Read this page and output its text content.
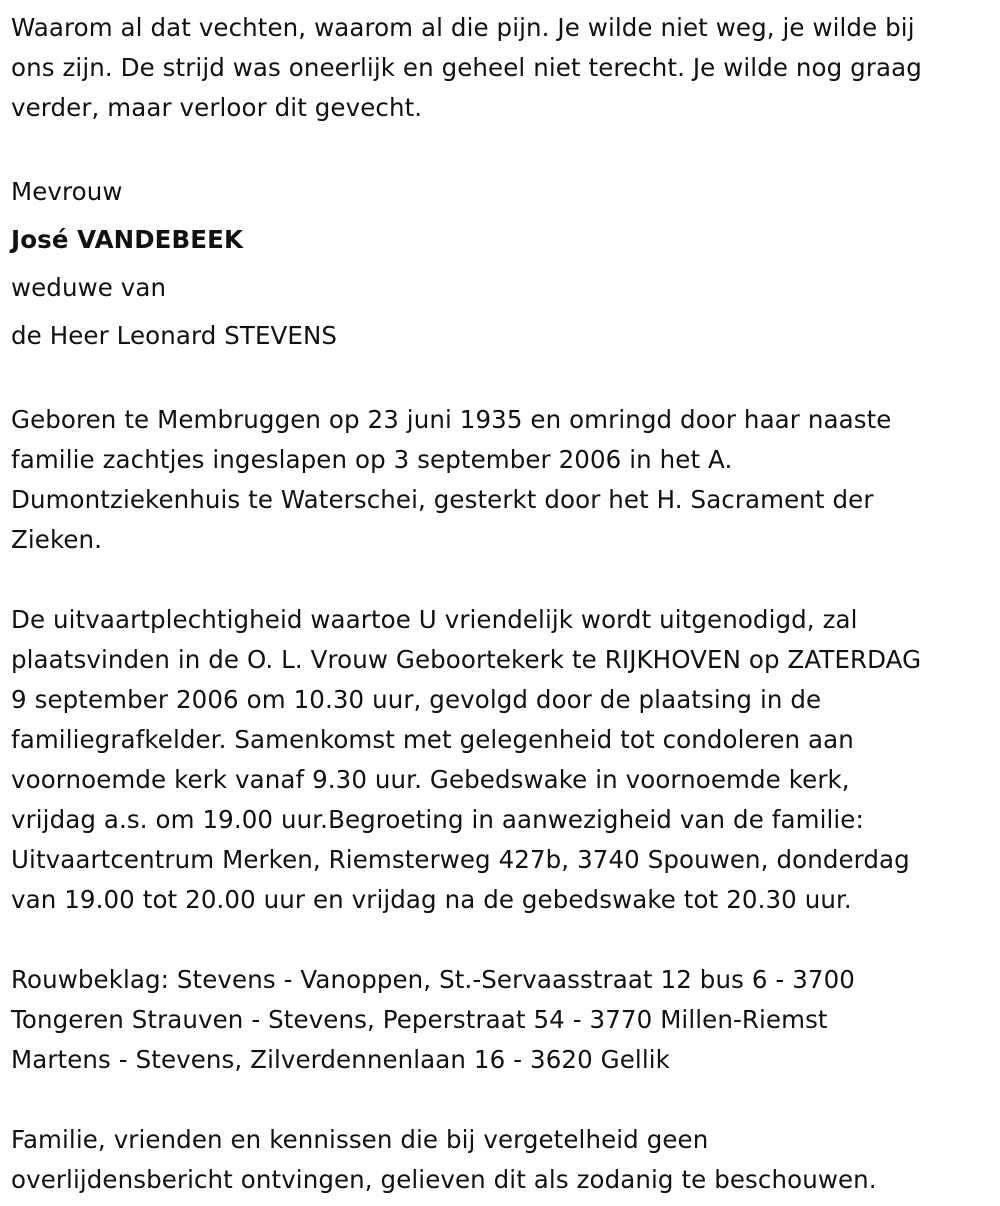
Waarom al dat vechten, waarom al die pijn. Je wilde niet weg, je wilde bij
ons zijn. De strijd was oneerlijk en geheel niet terecht. Je wilde nog graag
verder, maar verloor dit gevecht.
Mevrouw
José VANDEBEEK
weduwe van
de Heer Leonard STEVENS
Geboren te Membruggen op 23 juni 1935 en omringd door haar naaste
familie zachtjes ingeslapen op 3 september 2006 in het A.
Dumontziekenhuis te Waterschei, gesterkt door het H. Sacrament der
Zieken.
De uitvaartplechtigheid waartoe U vriendelijk wordt uitgenodigd, zal
plaatsvinden in de O. L. Vrouw Geboortekerk te RIJKHOVEN op ZATERDAG
9 september 2006 om 10.30 uur, gevolgd door de plaatsing in de
familiegrafkelder. Samenkomst met gelegenheid tot condoleren aan
voornoemde kerk vanaf 9.30 uur. Gebedswake in voornoemde kerk,
vrijdag a.s. om 19.00 uur.Begroeting in aanwezigheid van de familie:
Uitvaartcentrum Merken, Riemsterweg 427b, 3740 Spouwen, donderdag
van 19.00 tot 20.00 uur en vrijdag na de gebedswake tot 20.30 uur.
Rouwbeklag: Stevens - Vanoppen, St.-Servaasstraat 12 bus 6 - 3700
Tongeren Strauven - Stevens, Peperstraat 54 - 3770 Millen-Riemst
Martens - Stevens, Zilverdennenlaan 16 - 3620 Gellik
Familie, vrienden en kennissen die bij vergetelheid geen
overlijdensbericht ontvingen, gelieven dit als zodanig te beschouwen.
